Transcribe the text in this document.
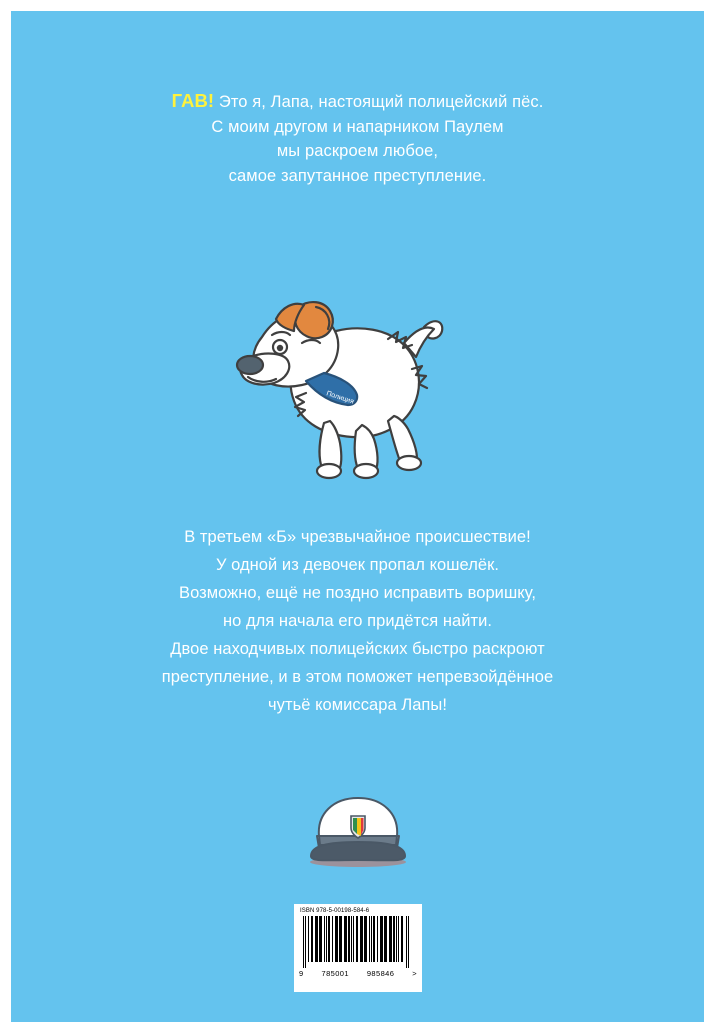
ГАВ! Это я, Лапа, настоящий полицейский пёс.
С моим другом и напарником Паулем
мы раскроем любое,
самое запутанное преступление.
Полиция
В третьем «Б» чрезвычайное происшествие!
У одной из девочек пропал кошелёк.
Возможно, ещё не поздно исправить воришку,
но для начала его придётся найти.
Двое находчивых полицейских быстро раскроют
преступление, и в этом поможет непревзойдённое
чутьё комиссара Лапы!
ISBN 978-5-00198-584-6
9 785001 985846 >
